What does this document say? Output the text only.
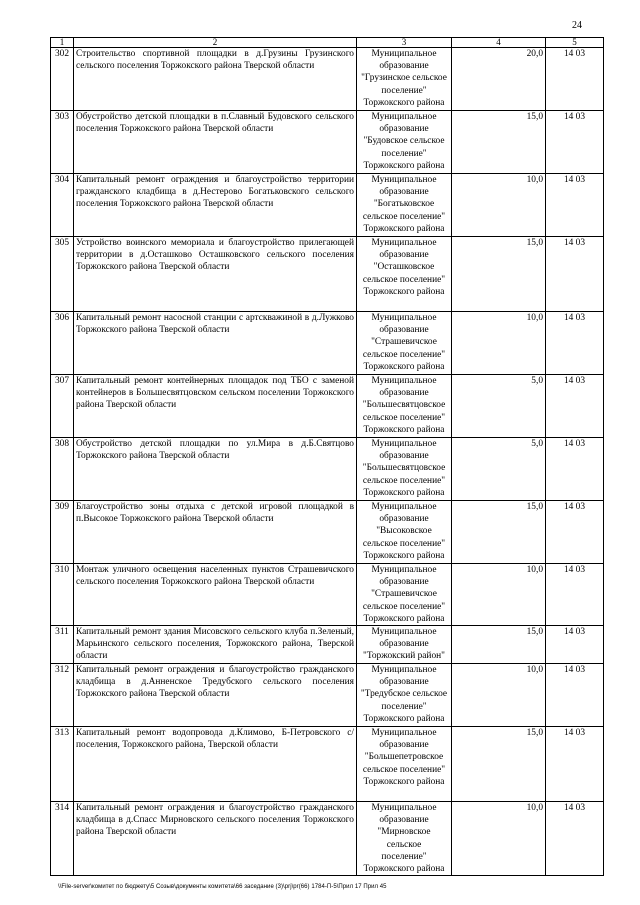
24
1	2	3	4	5
302	Строительство спортивной площадки в д.Грузины Грузинского сельского поселения Торжокского района Тверской области	Муниципальное
образование
"Грузинское сельское
поселение"
Торжокского района	20,0	14 03
303	Обустройство детской площадки в п.Славный Будовского сельского поселения Торжокского района Тверской области	Муниципальное
образование
"Будовское сельское
поселение"
Торжокского района	15,0	14 03
304	Капитальный ремонт ограждения и благоустройство территории гражданского кладбища в д.Нестерово Богатьковского сельского поселения Торжокского района Тверской области	Муниципальное
образование
"Богатьковское
сельское поселение"
Торжокского района	10,0	14 03
305	Устройство воинского мемориала и благоустройство прилегающей территории в д.Осташково Осташковского сельского поселения Торжокского района Тверской области	Муниципальное
образование
"Осташковское
сельское поселение"
Торжокского района	15,0	14 03
306	Капитальный ремонт насосной станции с артскважиной в д.Лужково Торжокского района Тверской области	Муниципальное
образование
"Страшевичское
сельское поселение"
Торжокского района	10,0	14 03
307	Капитальный ремонт контейнерных площадок под ТБО с заменой контейнеров в Большесвятцовском сельском поселении Торжокского района Тверской области	Муниципальное
образование
"Большесвятцовское
сельское поселение"
Торжокского района	5,0	14 03
308	Обустройство детской площадки по ул.Мира в д.Б.Святцово Торжокского района Тверской области	Муниципальное
образование
"Большесвятцовское
сельское поселение"
Торжокского района	5,0	14 03
309	Благоустройство зоны отдыха с детской игровой площадкой в п.Высокое Торжокского района Тверской области	Муниципальное
образование
"Высоковское
сельское поселение"
Торжокского района	15,0	14 03
310	Монтаж уличного освещения населенных пунктов Страшевичского сельского поселения Торжокского района Тверской области	Муниципальное
образование
"Страшевичское
сельское поселение"
Торжокского района	10,0	14 03
311	Капитальный ремонт здания Мисовского сельского клуба п.Зеленый, Марьинского сельского поселения, Торжокского района, Тверской области	Муниципальное
образование
"Торжокский район"	15,0	14 03
312	Капитальный ремонт ограждения и благоустройство гражданского кладбища в д.Анненское Тредубского сельского поселения Торжокского района Тверской области	Муниципальное
образование
"Тредубское сельское
поселение"
Торжокского района	10,0	14 03
313	Капитальный ремонт водопровода д.Климово, Б-Петровского с/поселения, Торжокского района, Тверской области	Муниципальное
образование
"Большепетровское
сельское поселение"
Торжокского района	15,0	14 03
314	Капитальный ремонт ограждения и благоустройство гражданского кладбища в д.Спасс Мирновского сельского поселения Торжокского района Тверской области	Муниципальное
образование
"Мирновское сельское
поселение"
Торжокского района	10,0	14 03
\\File-server\комитет по бюджету\5 Созыв\документы комитета\66 заседание (3)\prj\pr(66) 1784-П-5\Прил 17 Прил 45
